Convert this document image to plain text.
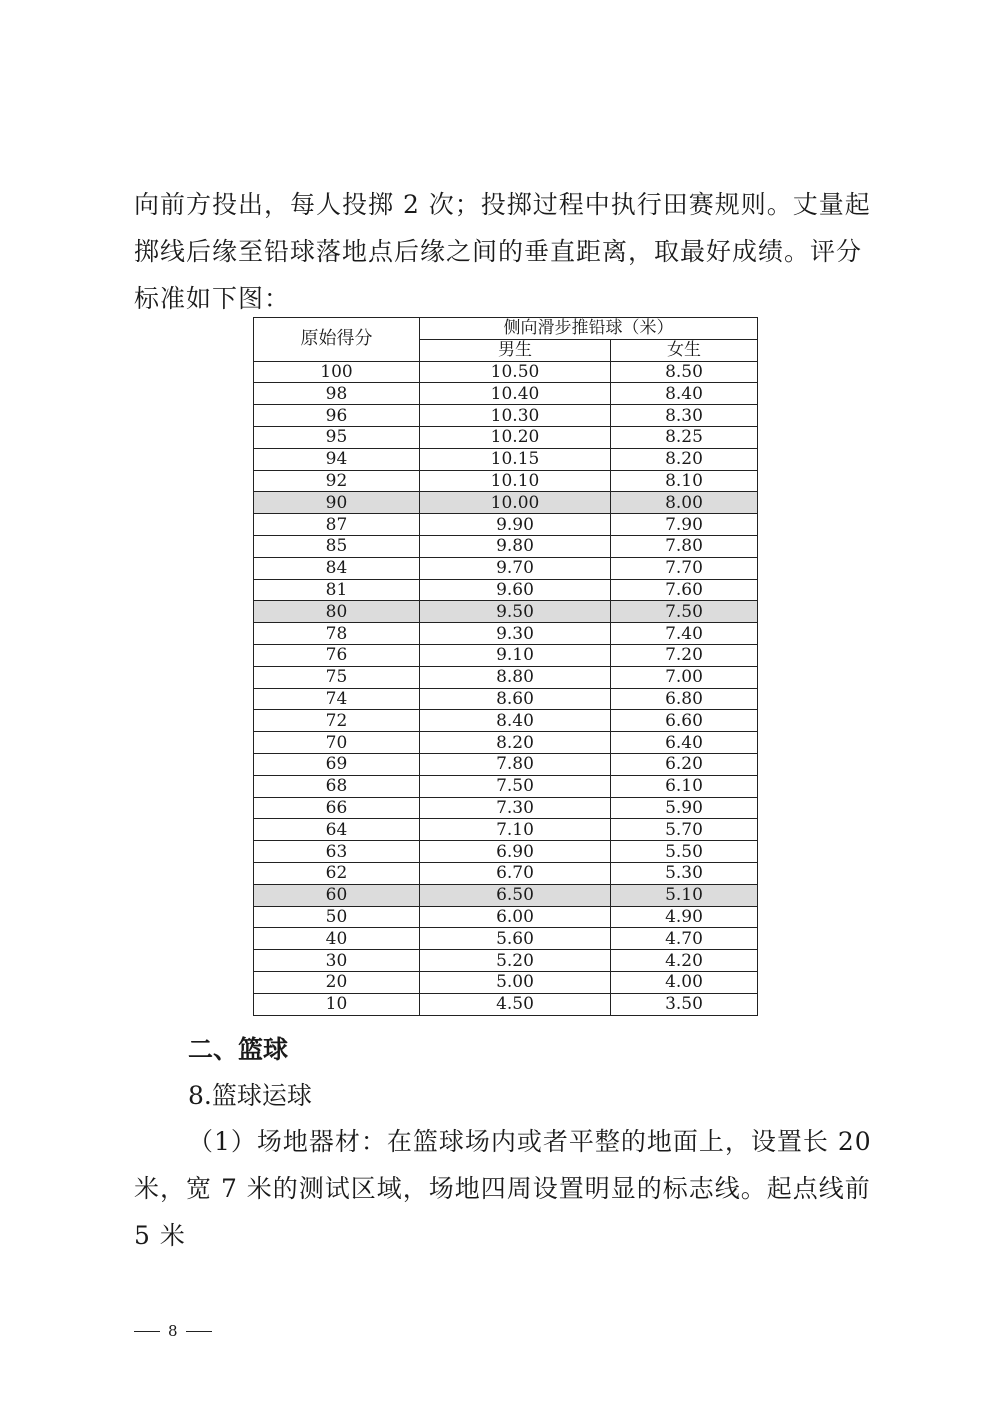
向前方投出，每人投掷 2 次；投掷过程中执行田赛规则。丈量起掷线后缘至铅球落地点后缘之间的垂直距离，取最好成绩。评分标准如下图：

原始得分	侧向滑步推铅球（米）	
	男生	女生
100	10.50	8.50
98	10.40	8.40
96	10.30	8.30
95	10.20	8.25
94	10.15	8.20
92	10.10	8.10
90	10.00	8.00
87	9.90	7.90
85	9.80	7.80
84	9.70	7.70
81	9.60	7.60
80	9.50	7.50
78	9.30	7.40
76	9.10	7.20
75	8.80	7.00
74	8.60	6.80
72	8.40	6.60
70	8.20	6.40
69	7.80	6.20
68	7.50	6.10
66	7.30	5.90
64	7.10	5.70
63	6.90	5.50
62	6.70	5.30
60	6.50	5.10
50	6.00	4.90
40	5.60	4.70
30	5.20	4.20
20	5.00	4.00
10	4.50	3.50

二、篮球

8.篮球运球

（1）场地器材：在篮球场内或者平整的地面上，设置长 20 米，宽 7 米的测试区域，场地四周设置明显的标志线。起点线前 5 米

8
